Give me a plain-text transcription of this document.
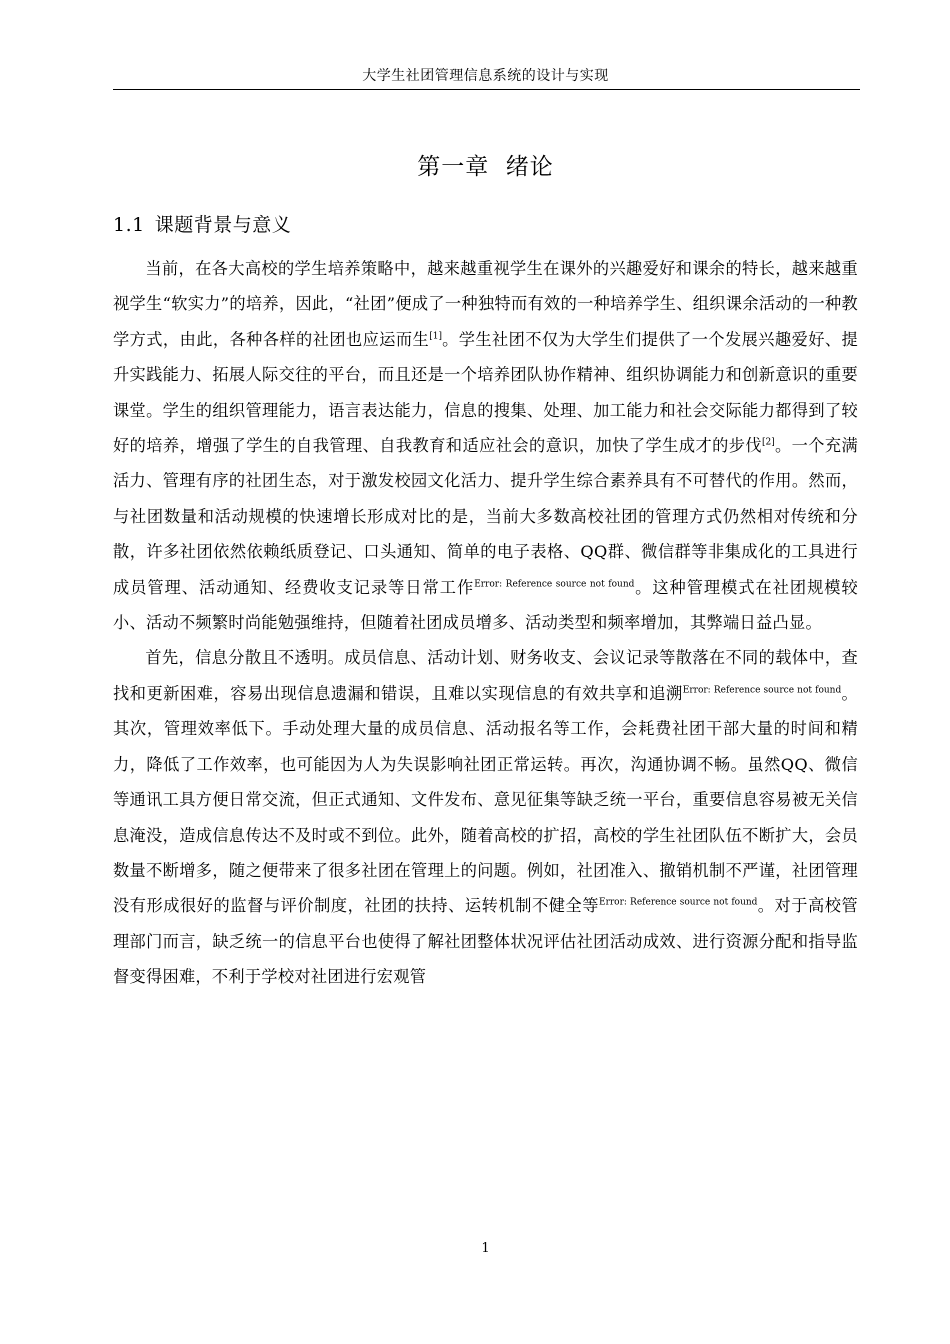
大学生社团管理信息系统的设计与实现
第一章  绪论
1.1 课题背景与意义

当前，在各大高校的学生培养策略中，越来越重视学生在课外的兴趣爱好和课余的特长，越来越重视学生“软实力”的培养，因此，“社团”便成了一种独特而有效的一种培养学生、组织课余活动的一种教学方式，由此，各种各样的社团也应运而生[1]。学生社团不仅为大学生们提供了一个发展兴趣爱好、提升实践能力、拓展人际交往的平台，而且还是一个培养团队协作精神、组织协调能力和创新意识的重要课堂。学生的组织管理能力，语言表达能力，信息的搜集、处理、加工能力和社会交际能力都得到了较好的培养，增强了学生的自我管理、自我教育和适应社会的意识，加快了学生成才的步伐[2]。一个充满活力、管理有序的社团生态，对于激发校园文化活力、提升学生综合素养具有不可替代的作用。然而，与社团数量和活动规模的快速增长形成对比的是，当前大多数高校社团的管理方式仍然相对传统和分散，许多社团依然依赖纸质登记、口头通知、简单的电子表格、QQ群、微信群等非集成化的工具进行成员管理、活动通知、经费收支记录等日常工作$^{Error: Reference source not found}$。这种管理模式在社团规模较小、活动不频繁时尚能勉强维持，但随着社团成员增多、活动类型和频率增加，其弊端日益凸显。

首先，信息分散且不透明。成员信息、活动计划、财务收支、会议记录等散落在不同的载体中，查找和更新困难，容易出现信息遗漏和错误，且难以实现信息的有效共享和追溯$^{Error: Reference source not found}$。其次，管理效率低下。手动处理大量的成员信息、活动报名等工作，会耗费社团干部大量的时间和精力，降低了工作效率，也可能因为人为失误影响社团正常运转。再次，沟通协调不畅。虽然QQ、微信等通讯工具方便日常交流，但正式通知、文件发布、意见征集等缺乏统一平台，重要信息容易被无关信息淹没，造成信息传达不及时或不到位。此外，随着高校的扩招，高校的学生社团队伍不断扩大，会员数量不断增多，随之便带来了很多社团在管理上的问题。例如，社团准入、撤销机制不严谨，社团管理没有形成很好的监督与评价制度，社团的扶持、运转机制不健全等$^{Error: Reference source not found}$。对于高校管理部门而言，缺乏统一的信息平台也使得了解社团整体状况评估社团活动成效、进行资源分配和指导监督变得困难，不利于学校对社团进行宏观管

1
